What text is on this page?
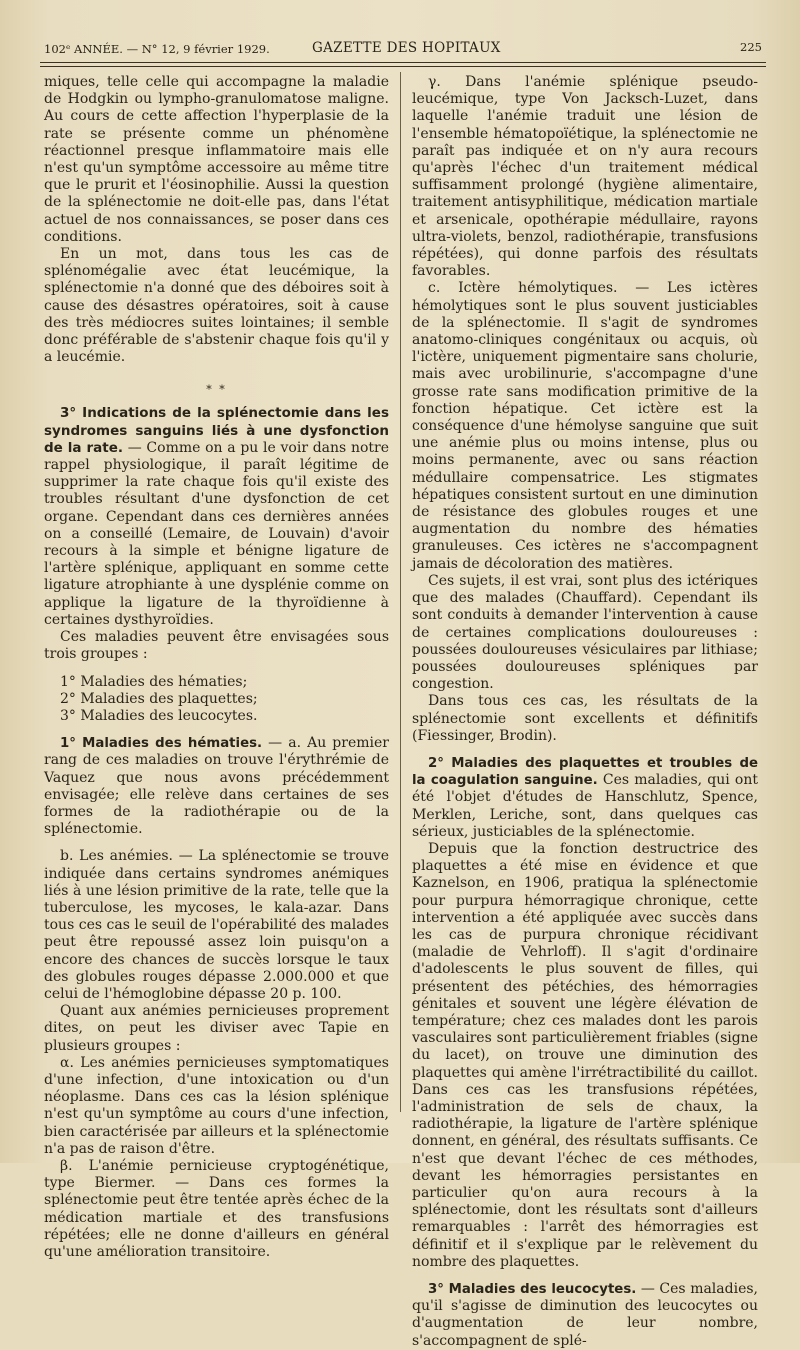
102ᵉ ANNÉE. — N° 12, 9 février 1929.	GAZETTE DES HOPITAUX	225

miques, telle celle qui accompagne la maladie de Hodgkin ou lympho-granulomatose maligne. Au cours de cette affection l'hyperplasie de la rate se présente comme un phénomène réactionnel presque inflammatoire mais elle n'est qu'un symptôme accessoire au même titre que le prurit et l'éosinophilie. Aussi la question de la splénectomie ne doit-elle pas, dans l'état actuel de nos connaissances, se poser dans ces conditions.

En un mot, dans tous les cas de splénomégalie avec état leucémique, la splénectomie n'a donné que des déboires soit à cause des désastres opératoires, soit à cause des très médiocres suites lointaines; il semble donc préférable de s'abstenir chaque fois qu'il y a leucémie.

* *

3° Indications de la splénectomie dans les syndromes sanguins liés à une dysfonction de la rate. — Comme on a pu le voir dans notre rappel physiologique, il paraît légitime de supprimer la rate chaque fois qu'il existe des troubles résultant d'une dysfonction de cet organe. Cependant dans ces dernières années on a conseillé (Lemaire, de Louvain) d'avoir recours à la simple et bénigne ligature de l'artère splénique, appliquant en somme cette ligature atrophiante à une dysplénie comme on applique la ligature de la thyroïdienne à certaines dysthyroïdies.

Ces maladies peuvent être envisagées sous trois groupes :

1° Maladies des hématies;

2° Maladies des plaquettes;

3° Maladies des leucocytes.

1° Maladies des hématies. — a. Au premier rang de ces maladies on trouve l'érythrémie de Vaquez que nous avons précédemment envisagée; elle relève dans certaines de ses formes de la radiothérapie ou de la splénectomie.

b. Les anémies. — La splénectomie se trouve indiquée dans certains syndromes anémiques liés à une lésion primitive de la rate, telle que la tuberculose, les mycoses, le kala-azar. Dans tous ces cas le seuil de l'opérabilité des malades peut être repoussé assez loin puisqu'on a encore des chances de succès lorsque le taux des globules rouges dépasse 2.000.000 et que celui de l'hémoglobine dépasse 20 p. 100.

Quant aux anémies pernicieuses proprement dites, on peut les diviser avec Tapie en plusieurs groupes :

α. Les anémies pernicieuses symptomatiques d'une infection, d'une intoxication ou d'un néoplasme. Dans ces cas la lésion splénique n'est qu'un symptôme au cours d'une infection, bien caractérisée par ailleurs et la splénectomie n'a pas de raison d'être.

β. L'anémie pernicieuse cryptogénétique, type Biermer. — Dans ces formes la splénectomie peut être tentée après échec de la médication martiale et des transfusions répétées; elle ne donne d'ailleurs en général qu'une amélioration transitoire.

γ. Dans l'anémie splénique pseudo-leucémique, type Von Jacksch-Luzet, dans laquelle l'anémie traduit une lésion de l'ensemble hématopoïétique, la splénectomie ne paraît pas indiquée et on n'y aura recours qu'après l'échec d'un traitement médical suffisamment prolongé (hygiène alimentaire, traitement antisyphilitique, médication martiale et arsenicale, opothérapie médullaire, rayons ultra-violets, benzol, radiothérapie, transfusions répétées), qui donne parfois des résultats favorables.

c. Ictère hémolytiques. — Les ictères hémolytiques sont le plus souvent justiciables de la splénectomie. Il s'agit de syndromes anatomo-cliniques congénitaux ou acquis, où l'ictère, uniquement pigmentaire sans cholurie, mais avec urobilinurie, s'accompagne d'une grosse rate sans modification primitive de la fonction hépatique. Cet ictère est la conséquence d'une hémolyse sanguine que suit une anémie plus ou moins intense, plus ou moins permanente, avec ou sans réaction médullaire compensatrice. Les stigmates hépatiques consistent surtout en une diminution de résistance des globules rouges et une augmentation du nombre des hématies granuleuses. Ces ictères ne s'accompagnent jamais de décoloration des matières.

Ces sujets, il est vrai, sont plus des ictériques que des malades (Chauffard). Cependant ils sont conduits à demander l'intervention à cause de certaines complications douloureuses : poussées douloureuses vésiculaires par lithiase; poussées douloureuses spléniques par congestion.

Dans tous ces cas, les résultats de la splénectomie sont excellents et définitifs (Fiessinger, Brodin).

2° Maladies des plaquettes et troubles de la coagulation sanguine. Ces maladies, qui ont été l'objet d'études de Hanschlutz, Spence, Merklen, Leriche, sont, dans quelques cas sérieux, justiciables de la splénectomie.

Depuis que la fonction destructrice des plaquettes a été mise en évidence et que Kaznelson, en 1906, pratiqua la splénectomie pour purpura hémorragique chronique, cette intervention a été appliquée avec succès dans les cas de purpura chronique récidivant (maladie de Vehrloff). Il s'agit d'ordinaire d'adolescents le plus souvent de filles, qui présentent des pétéchies, des hémorragies génitales et souvent une légère élévation de température; chez ces malades dont les parois vasculaires sont particulièrement friables (signe du lacet), on trouve une diminution des plaquettes qui amène l'irrétractibilité du caillot. Dans ces cas les transfusions répétées, l'administration de sels de chaux, la radiothérapie, la ligature de l'artère splénique donnent, en général, des résultats suffisants. Ce n'est que devant l'échec de ces méthodes, devant les hémorragies persistantes en particulier qu'on aura recours à la splénectomie, dont les résultats sont d'ailleurs remarquables : l'arrêt des hémorragies est définitif et il s'explique par le relèvement du nombre des plaquettes.

3° Maladies des leucocytes. — Ces maladies, qu'il s'agisse de diminution des leucocytes ou d'augmentation de leur nombre, s'accompagnent de splé-
